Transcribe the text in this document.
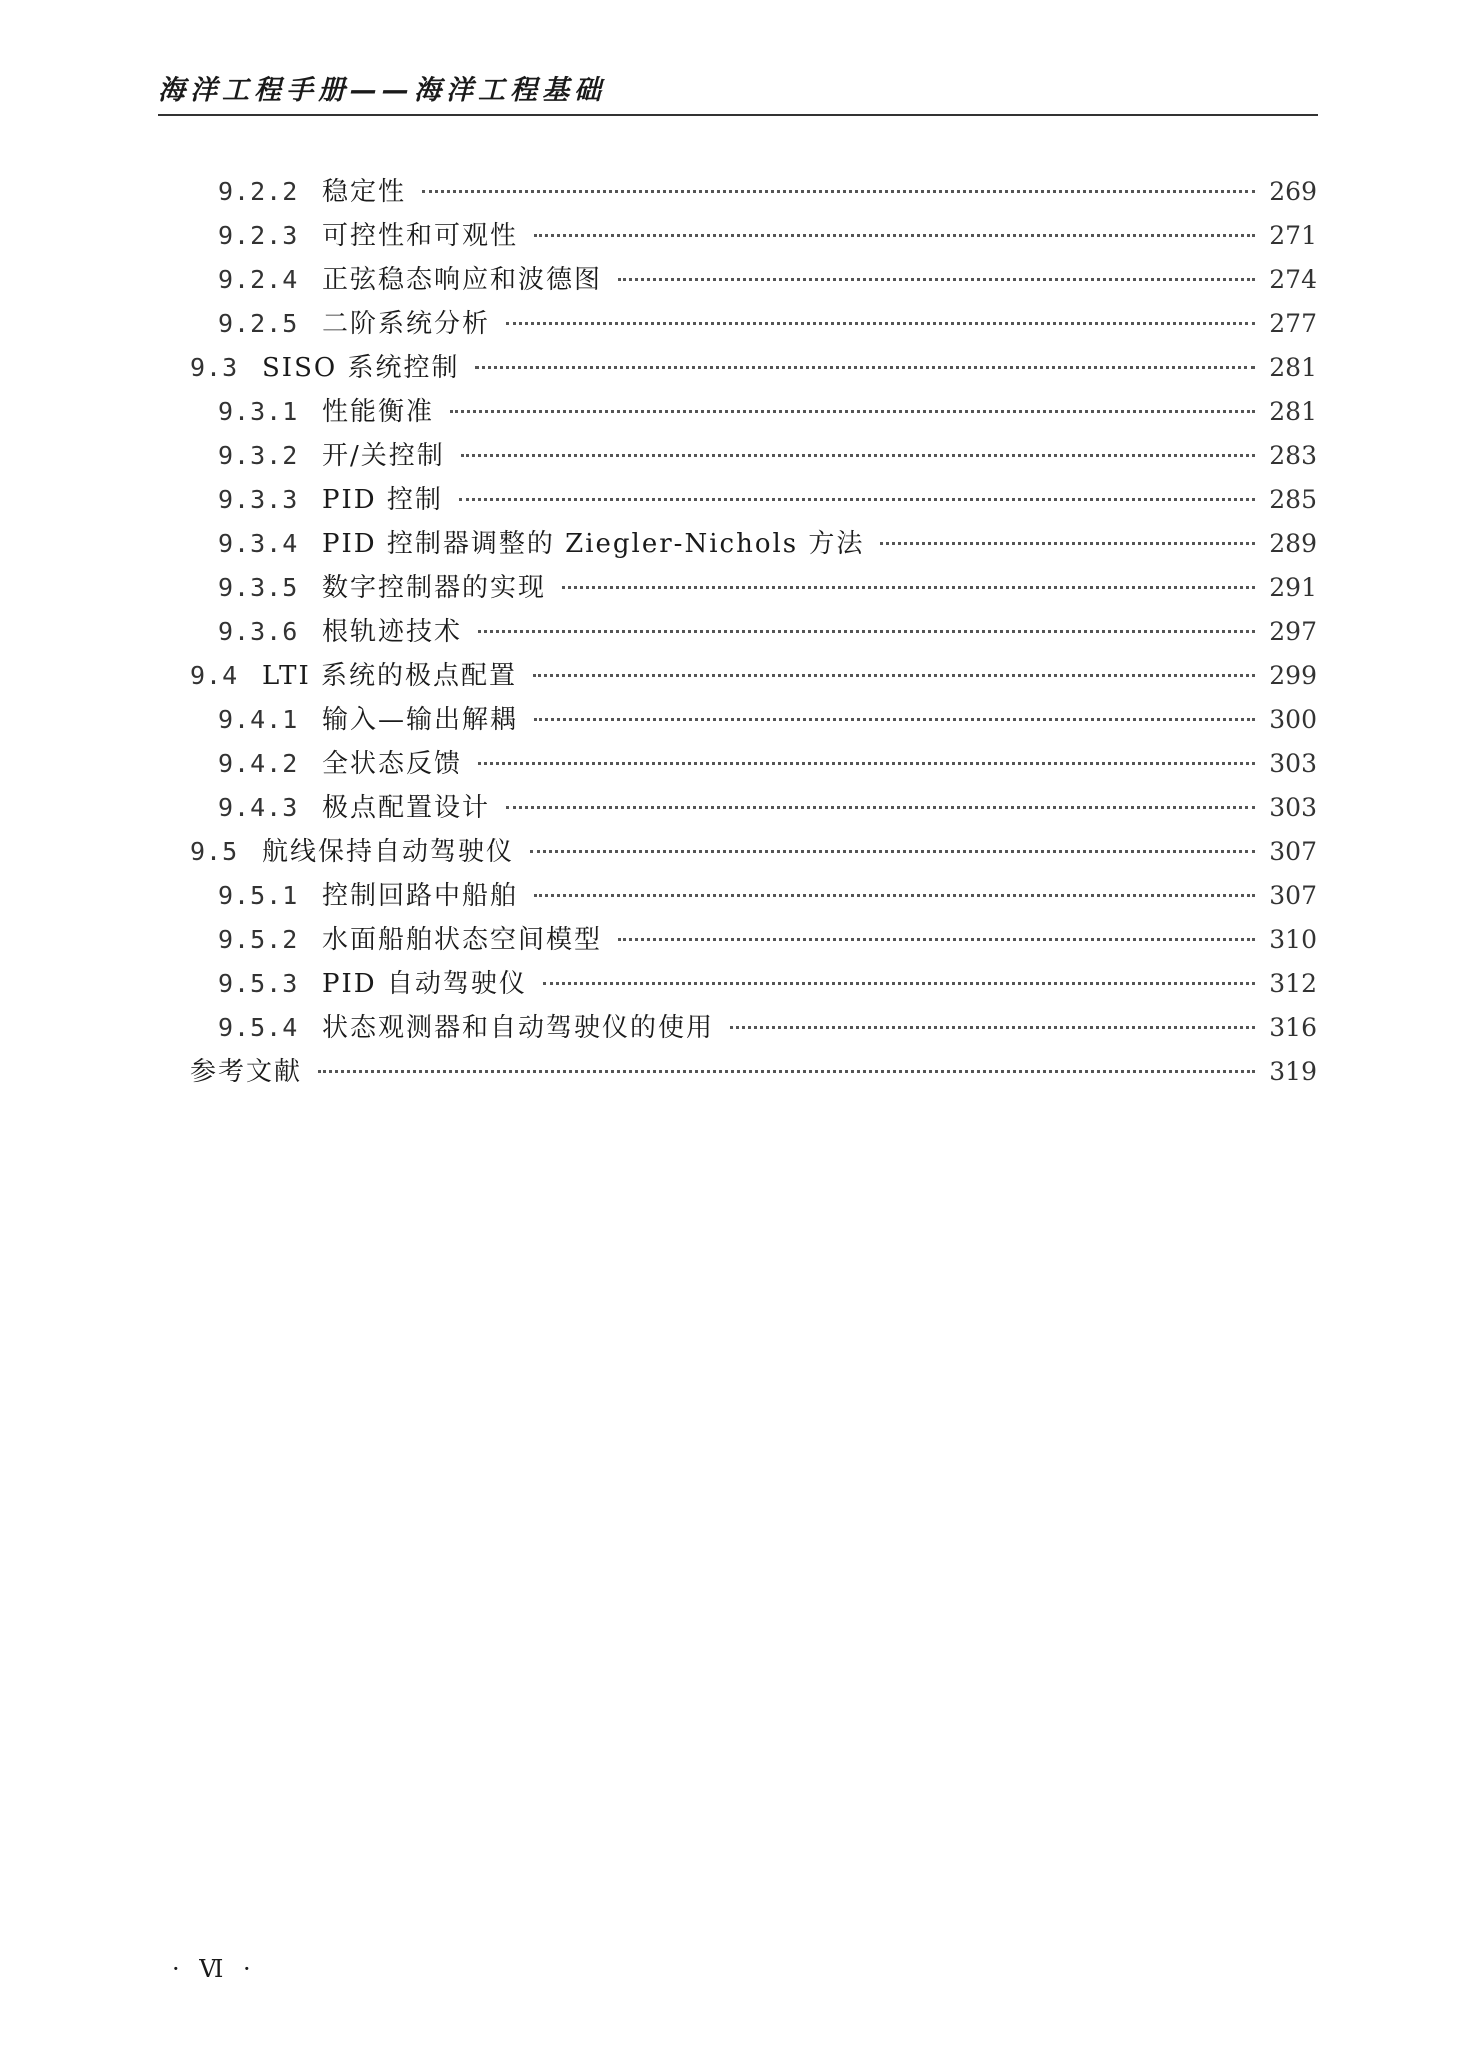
海洋工程手册——海洋工程基础
9.2.2 稳定性	269
9.2.3 可控性和可观性	271
9.2.4 正弦稳态响应和波德图	274
9.2.5 二阶系统分析	277
9.3 SISO 系统控制	281
9.3.1 性能衡准	281
9.3.2 开/关控制	283
9.3.3 PID 控制	285
9.3.4 PID 控制器调整的 Ziegler-Nichols 方法	289
9.3.5 数字控制器的实现	291
9.3.6 根轨迹技术	297
9.4 LTI 系统的极点配置	299
9.4.1 输入—输出解耦	300
9.4.2 全状态反馈	303
9.4.3 极点配置设计	303
9.5 航线保持自动驾驶仪	307
9.5.1 控制回路中船舶	307
9.5.2 水面船舶状态空间模型	310
9.5.3 PID 自动驾驶仪	312
9.5.4 状态观测器和自动驾驶仪的使用	316
参考文献	319
· Ⅵ ·
